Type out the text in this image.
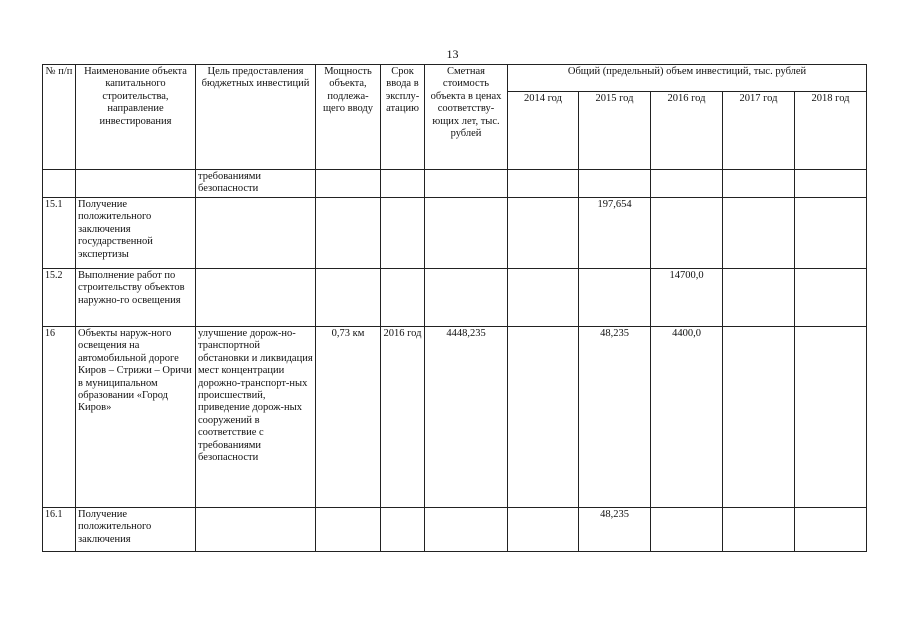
13
№ п/п	Наименование объекта капитального строительства, направление инвестирования	Цель предоставления бюджетных инвестиций	Мощность объекта, подлежа-щего вводу	Срок ввода в эксплу-атацию	Сметная стоимость объекта в ценах соответству-ющих лет, тыс. рублей	Общий (предельный) объем инвестиций, тыс. рублей				
						2014 год	2015 год	2016 год	2017 год	2018 год
		требованиями безопасности								
15.1	Получение положительного заключения государственной экспертизы						197,654			
15.2	Выполнение работ по строительству объектов наружно-го освещения							14700,0		
16	Объекты наруж-ного освещения на автомобильной дороге Киров – Стрижи – Оричи в муниципальном образовании «Город Киров»	улучшение дорож-но-транспортной обстановки и ликвидация мест концентрации дорожно-транспорт-ных происшествий, приведение дорож-ных сооружений в соответствие с требованиями безопасности	0,73 км	2016 год	4448,235		48,235	4400,0		
16.1	Получение положительного заключения						48,235			
